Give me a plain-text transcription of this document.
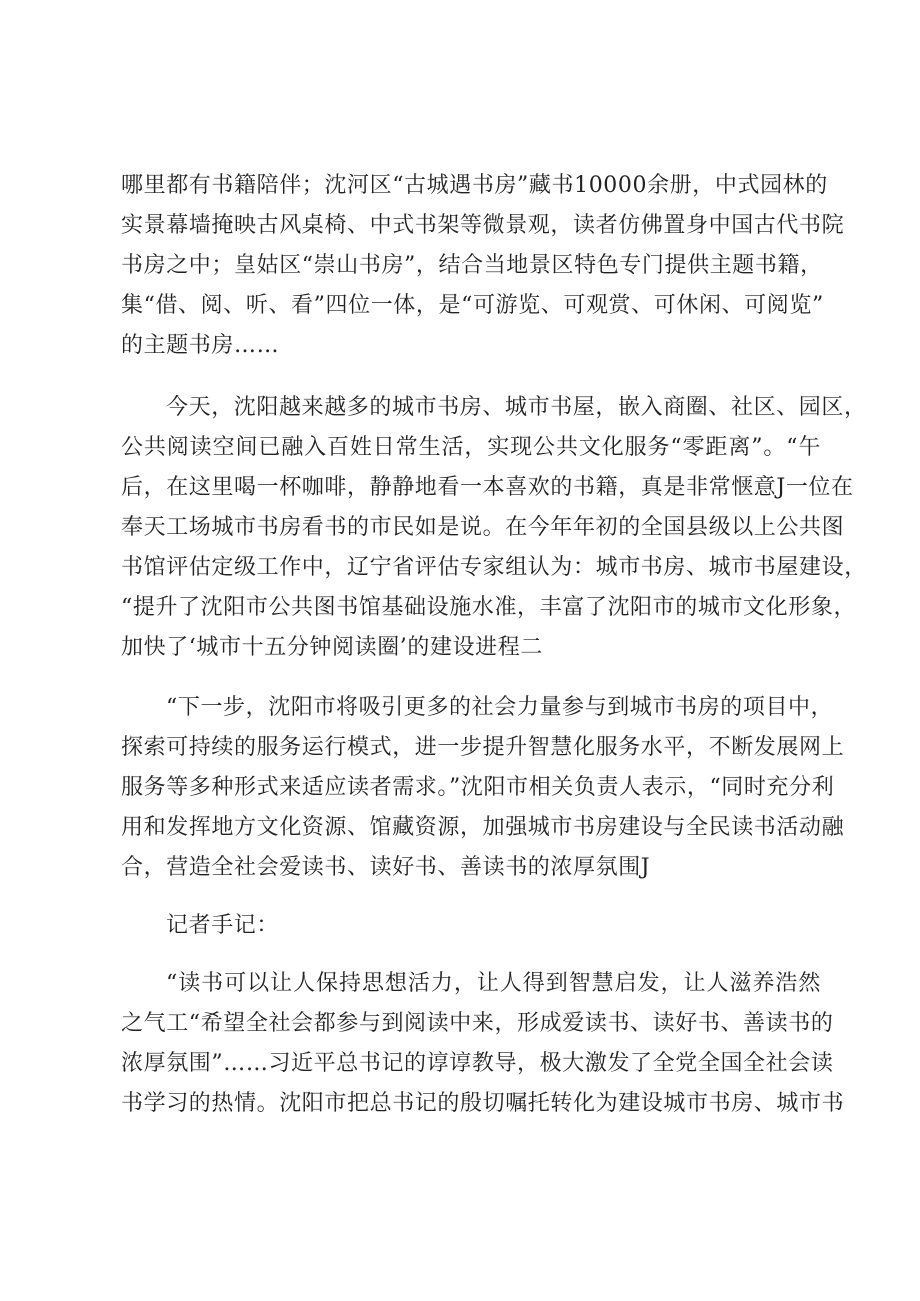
哪里都有书籍陪伴；沈河区“古城遇书房”藏书10000余册，中式园林的
实景幕墙掩映古风桌椅、中式书架等微景观，读者仿佛置身中国古代书院
书房之中；皇姑区“崇山书房”，结合当地景区特色专门提供主题书籍，
集“借、阅、听、看”四位一体，是“可游览、可观赏、可休闲、可阅览”
的主题书房……
今天，沈阳越来越多的城市书房、城市书屋，嵌入商圈、社区、园区，
公共阅读空间已融入百姓日常生活，实现公共文化服务“零距离”。“午
后，在这里喝一杯咖啡，静静地看一本喜欢的书籍，真是非常惬意J一位在
奉天工场城市书房看书的市民如是说。在今年年初的全国县级以上公共图
书馆评估定级工作中，辽宁省评估专家组认为：城市书房、城市书屋建设，
“提升了沈阳市公共图书馆基础设施水准，丰富了沈阳市的城市文化形象，
加快了‘城市十五分钟阅读圈’的建设进程二
“下一步，沈阳市将吸引更多的社会力量参与到城市书房的项目中，
探索可持续的服务运行模式，进一步提升智慧化服务水平，不断发展网上
服务等多种形式来适应读者需求。”沈阳市相关负责人表示，“同时充分利
用和发挥地方文化资源、馆藏资源，加强城市书房建设与全民读书活动融
合，营造全社会爱读书、读好书、善读书的浓厚氛围J
记者手记：
“读书可以让人保持思想活力，让人得到智慧启发，让人滋养浩然
之气工“希望全社会都参与到阅读中来，形成爱读书、读好书、善读书的
浓厚氛围”……习近平总书记的谆谆教导，极大激发了全党全国全社会读
书学习的热情。沈阳市把总书记的殷切嘱托转化为建设城市书房、城市书
